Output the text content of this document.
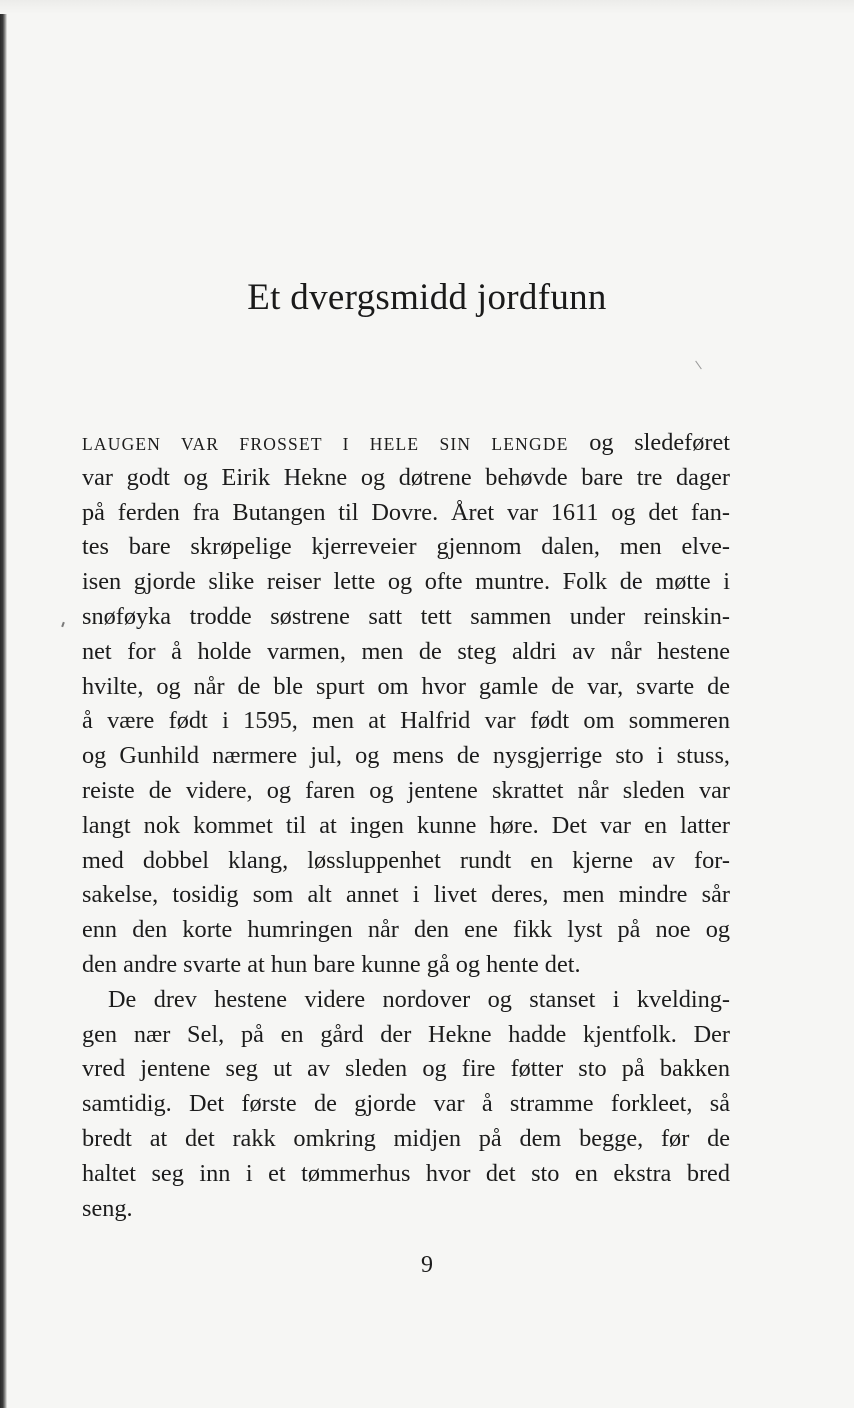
Et dvergsmidd jordfunn
LAUGEN VAR FROSSET I HELE SIN LENGDE og sledeføret
var godt og Eirik Hekne og døtrene behøvde bare tre dager
på ferden fra Butangen til Dovre. Året var 1611 og det fan-
tes bare skrøpelige kjerreveier gjennom dalen, men elve-
isen gjorde slike reiser lette og ofte muntre. Folk de møtte i
snøføyka trodde søstrene satt tett sammen under reinskin-
net for å holde varmen, men de steg aldri av når hestene
hvilte, og når de ble spurt om hvor gamle de var, svarte de
å være født i 1595, men at Halfrid var født om sommeren
og Gunhild nærmere jul, og mens de nysgjerrige sto i stuss,
reiste de videre, og faren og jentene skrattet når sleden var
langt nok kommet til at ingen kunne høre. Det var en latter
med dobbel klang, løssluppenhet rundt en kjerne av for-
sakelse, tosidig som alt annet i livet deres, men mindre sår
enn den korte humringen når den ene fikk lyst på noe og
den andre svarte at hun bare kunne gå og hente det.
De drev hestene videre nordover og stanset i kvelding-
gen nær Sel, på en gård der Hekne hadde kjentfolk. Der
vred jentene seg ut av sleden og fire føtter sto på bakken
samtidig. Det første de gjorde var å stramme forkleet, så
bredt at det rakk omkring midjen på dem begge, før de
haltet seg inn i et tømmerhus hvor det sto en ekstra bred
seng.
9
